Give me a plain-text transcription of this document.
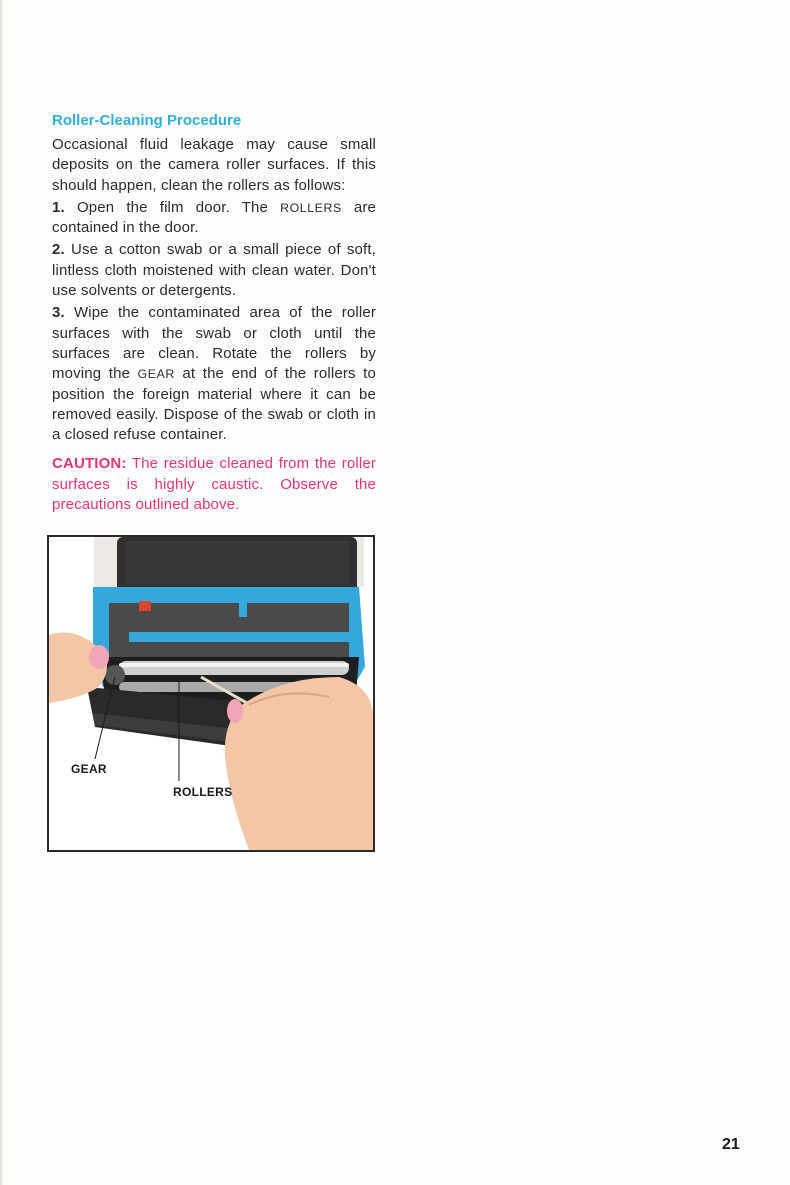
Roller-Cleaning Procedure

Occasional fluid leakage may cause small deposits on the camera roller surfaces. If this should happen, clean the rollers as follows:

1. Open the film door. The ROLLERS are contained in the door.

2. Use a cotton swab or a small piece of soft, lintless cloth moistened with clean water. Don't use solvents or detergents.

3. Wipe the contaminated area of the roller surfaces with the swab or cloth until the surfaces are clean. Rotate the rollers by moving the GEAR at the end of the rollers to position the foreign material where it can be removed easily. Dispose of the swab or cloth in a closed refuse container.

CAUTION: The residue cleaned from the roller surfaces is highly caustic. Observe the precautions outlined above.

GEAR
ROLLERS
21
